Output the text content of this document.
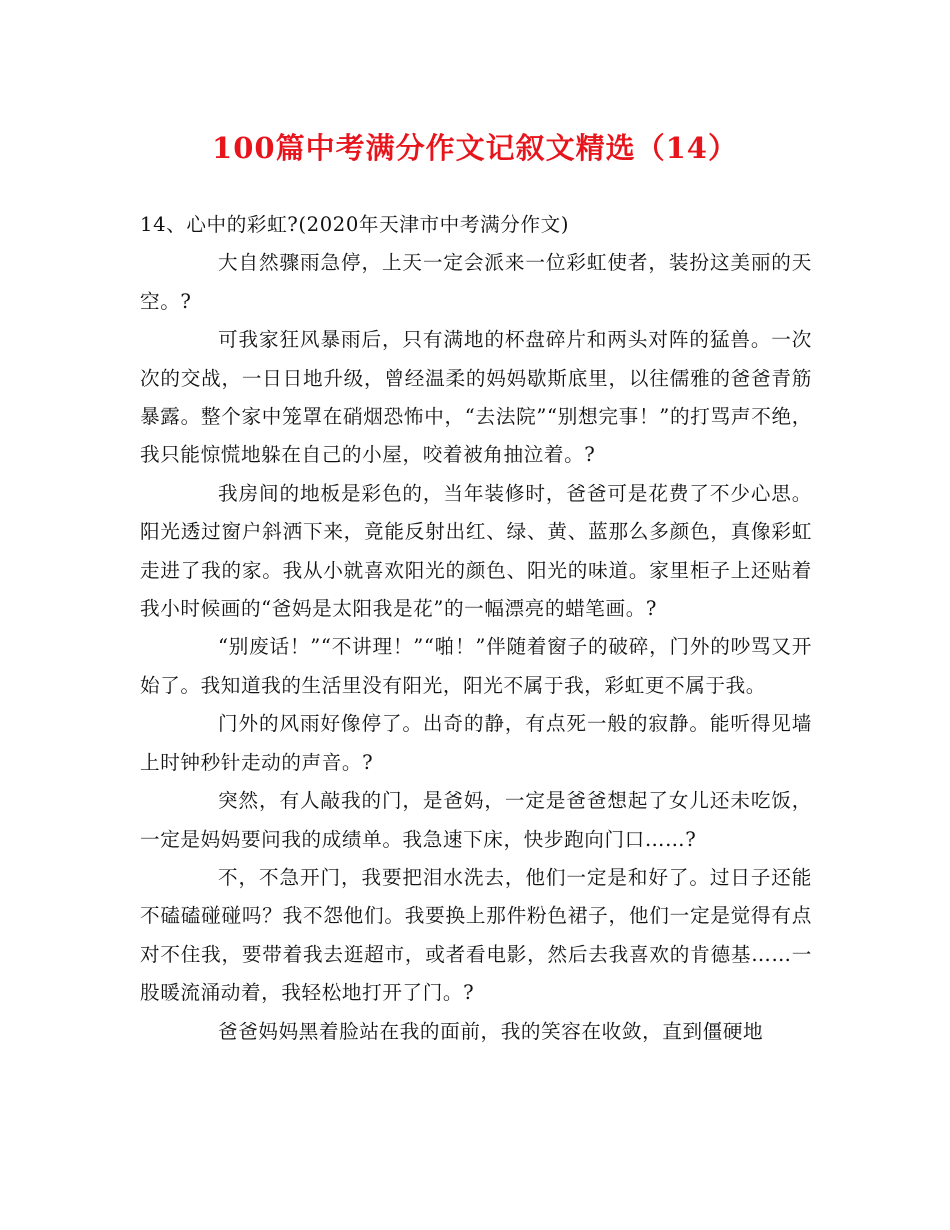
100篇中考满分作文记叙文精选（14）

14、心中的彩虹?(2020年天津市中考满分作文)

大自然骤雨急停，上天一定会派来一位彩虹使者，装扮这美丽的天空。?

可我家狂风暴雨后，只有满地的杯盘碎片和两头对阵的猛兽。一次次的交战，一日日地升级，曾经温柔的妈妈歇斯底里，以往儒雅的爸爸青筋暴露。整个家中笼罩在硝烟恐怖中，“去法院”“别想完事！”的打骂声不绝，我只能惊慌地躲在自己的小屋，咬着被角抽泣着。?

我房间的地板是彩色的，当年装修时，爸爸可是花费了不少心思。阳光透过窗户斜洒下来，竟能反射出红、绿、黄、蓝那么多颜色，真像彩虹走进了我的家。我从小就喜欢阳光的颜色、阳光的味道。家里柜子上还贴着我小时候画的“爸妈是太阳我是花”的一幅漂亮的蜡笔画。?

“别废话！”“不讲理！”“啪！”伴随着窗子的破碎，门外的吵骂又开始了。我知道我的生活里没有阳光，阳光不属于我，彩虹更不属于我。

门外的风雨好像停了。出奇的静，有点死一般的寂静。能听得见墙上时钟秒针走动的声音。?

突然，有人敲我的门，是爸妈，一定是爸爸想起了女儿还未吃饭，一定是妈妈要问我的成绩单。我急速下床，快步跑向门口……?

不，不急开门，我要把泪水洗去，他们一定是和好了。过日子还能不磕磕碰碰吗？我不怨他们。我要换上那件粉色裙子，他们一定是觉得有点对不住我，要带着我去逛超市，或者看电影，然后去我喜欢的肯德基……一股暖流涌动着，我轻松地打开了门。?

爸爸妈妈黑着脸站在我的面前，我的笑容在收敛，直到僵硬地
